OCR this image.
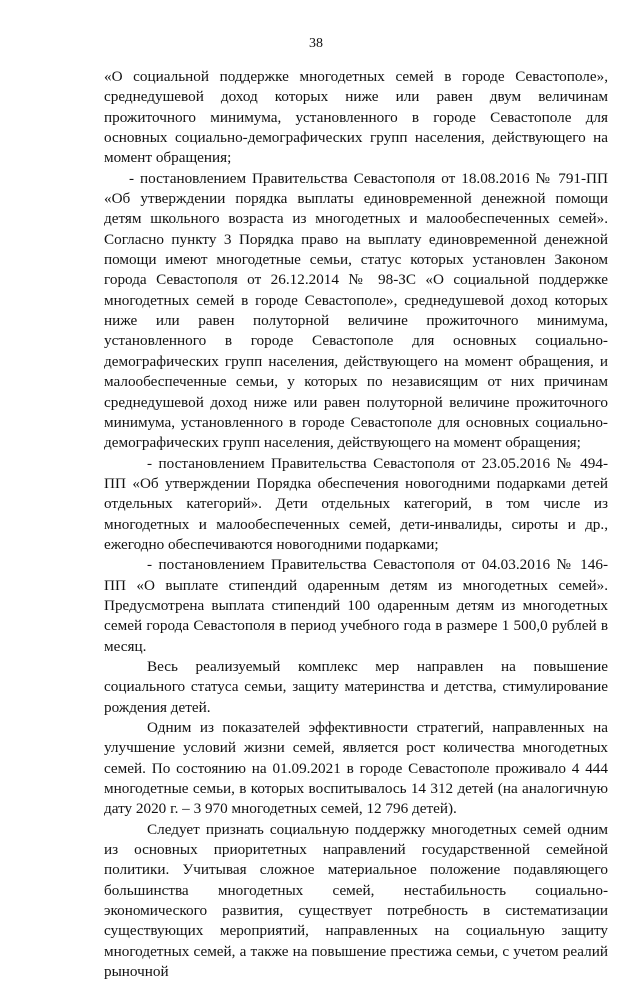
38

«О социальной поддержке многодетных семей в городе Севастополе», среднедушевой доход которых ниже или равен двум величинам прожиточного минимума, установленного в городе Севастополе для основных социально-демографических групп населения, действующего на момент обращения;

- постановлением Правительства Севастополя от 18.08.2016 № 791-ПП «Об утверждении порядка выплаты единовременной денежной помощи детям школьного возраста из многодетных и малообеспеченных семей». Согласно пункту 3 Порядка право на выплату единовременной денежной помощи имеют многодетные семьи, статус которых установлен Законом города Севастополя от 26.12.2014 № 98-ЗС «О социальной поддержке многодетных семей в городе Севастополе», среднедушевой доход которых ниже или равен полуторной величине прожиточного минимума, установленного в городе Севастополе для основных социально-демографических групп населения, действующего на момент обращения, и малообеспеченные семьи, у которых по независящим от них причинам среднедушевой доход ниже или равен полуторной величине прожиточного минимума, установленного в городе Севастополе для основных социально-демографических групп населения, действующего на момент обращения;

- постановлением Правительства Севастополя от 23.05.2016 № 494-ПП «Об утверждении Порядка обеспечения новогодними подарками детей отдельных категорий». Дети отдельных категорий, в том числе из многодетных и малообеспеченных семей, дети-инвалиды, сироты и др., ежегодно обеспечиваются новогодними подарками;

- постановлением Правительства Севастополя от 04.03.2016 № 146-ПП «О выплате стипендий одаренным детям из многодетных семей». Предусмотрена выплата стипендий 100 одаренным детям из многодетных семей города Севастополя в период учебного года в размере 1 500,0 рублей в месяц.

Весь реализуемый комплекс мер направлен на повышение социального статуса семьи, защиту материнства и детства, стимулирование рождения детей.

Одним из показателей эффективности стратегий, направленных на улучшение условий жизни семей, является рост количества многодетных семей. По состоянию на 01.09.2021 в городе Севастополе проживало 4 444 многодетные семьи, в которых воспитывалось 14 312 детей (на аналогичную дату 2020 г. – 3 970 многодетных семей, 12 796 детей).

Следует признать социальную поддержку многодетных семей одним из основных приоритетных направлений государственной семейной политики. Учитывая сложное материальное положение подавляющего большинства многодетных семей, нестабильность социально-экономического развития, существует потребность в систематизации существующих мероприятий, направленных на социальную защиту многодетных семей, а также на повышение престижа семьи, с учетом реалий рыночной
